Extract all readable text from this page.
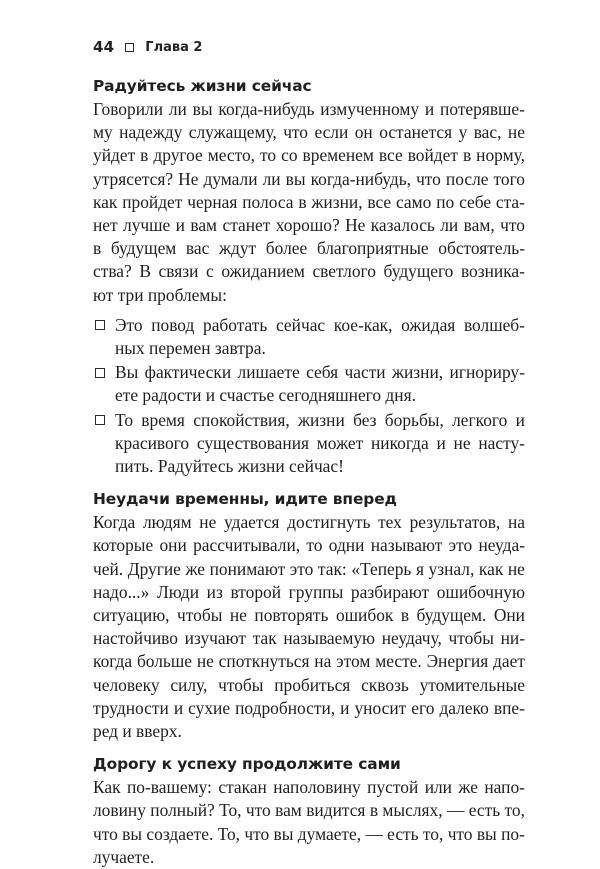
44 Глава 2
Радуйтесь жизни сейчас
Говорили ли вы когда-нибудь измученному и потерявшe-
му надежду служащему, что если он останется у вас, не
уйдет в другое место, то со временем все войдет в норму,
утрясется? Не думали ли вы когда-нибудь, что после того
как пройдет черная полоса в жизни, все само по себе ста-
нет лучше и вам станет хорошо? Не казалось ли вам, что
в будущем вас ждут более благоприятные обстоятель-
ства? В связи с ожиданием светлого будущего возника-
ют три проблемы:
Это повод работать сейчас кое-как, ожидая волшеб-
ных перемен завтра.
Вы фактически лишаете себя части жизни, игнориру-
ете радости и счастье сегодняшнего дня.
То время спокойствия, жизни без борьбы, легкого и
красивого существования может никогда и не насту-
пить. Радуйтесь жизни сейчас!
Неудачи временны, идите вперед
Когда людям не удается достигнуть тех результатов, на
которые они рассчитывали, то одни называют это неуда-
чей. Другие же понимают это так: «Теперь я узнал, как не
надо...» Люди из второй группы разбирают ошибочную
ситуацию, чтобы не повторять ошибок в будущем. Они
настойчиво изучают так называемую неудачу, чтобы ни-
когда больше не споткнуться на этом месте. Энергия дает
человеку силу, чтобы пробиться сквозь утомительные
трудности и сухие подробности, и уносит его далеко впе-
ред и вверх.
Дорогу к успеху продолжите сами
Как по-вашему: стакан наполовину пустой или же напо-
ловину полный? То, что вам видится в мыслях, — есть то,
что вы создаете. То, что вы думаете, — есть то, что вы по-
лучаете.
